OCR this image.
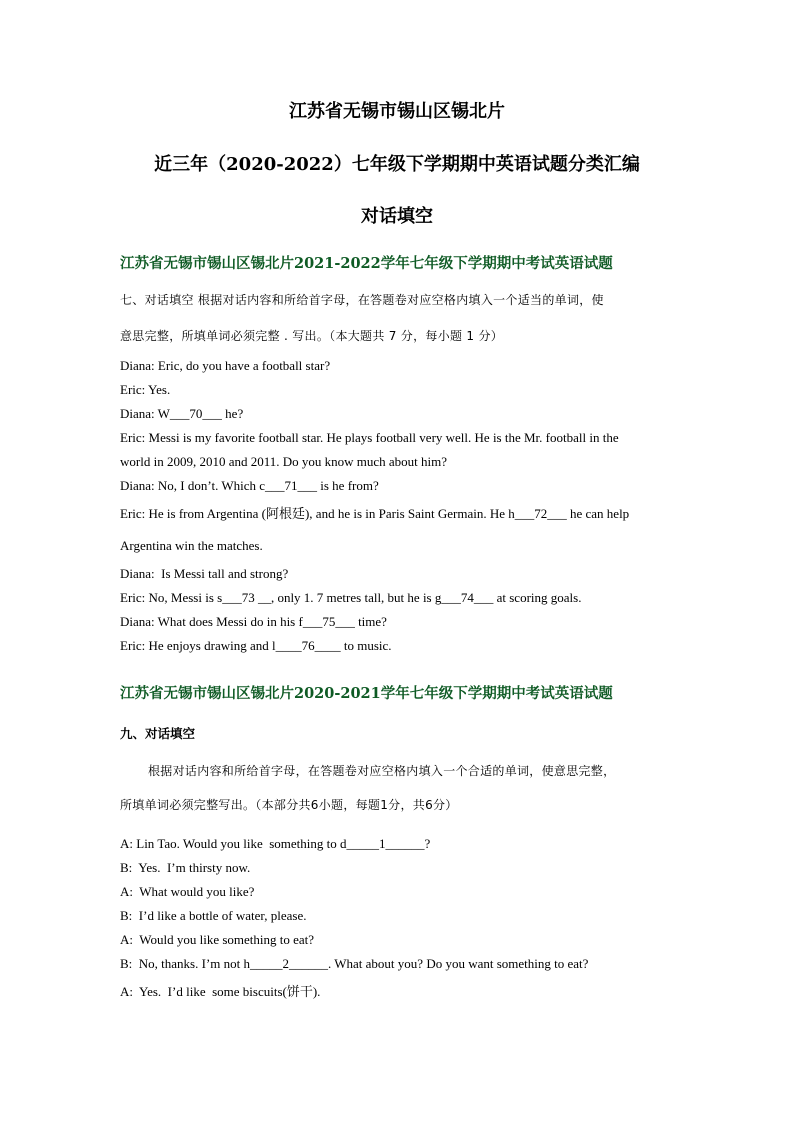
江苏省无锡市锡山区锡北片
近三年（2020-2022）七年级下学期期中英语试题分类汇编
对话填空
江苏省无锡市锡山区锡北片2021-2022学年七年级下学期期中考试英语试题

七、对话填空 根据对话内容和所给首字母，在答题卷对应空格内填入一个适当的单词，使

意思完整，所填单词必须完整 . 写出。（本大题共 7 分，每小题 1 分）

Diana: Eric, do you have a football star?

Eric: Yes.

Diana: W___70___ he?

Eric: Messi is my favorite football star. He plays football very well. He is the Mr. football in the

world in 2009, 2010 and 2011. Do you know much about him?

Diana: No, I don’t. Which c___71___ is he from?

Eric: He is from Argentina (阿根廷), and he is in Paris Saint Germain. He h___72___ he can help

Argentina win the matches.

Diana:  Is Messi tall and strong?

Eric: No, Messi is s___73 __, only 1. 7 metres tall, but he is g___74___ at scoring goals.

Diana: What does Messi do in his f___75___ time?

Eric: He enjoys drawing and l____76____ to music.

江苏省无锡市锡山区锡北片2020-2021学年七年级下学期期中考试英语试题

九、对话填空

根据对话内容和所给首字母，在答题卷对应空格内填入一个合适的单词，使意思完整，

所填单词必须完整写出。（本部分共6小题，每题1分，共6分）

A: Lin Tao. Would you like  something to d_____1______?

B:  Yes.  I’m thirsty now.

A:  What would you like?

B:  I’d like a bottle of water, please.

A:  Would you like something to eat?

B:  No, thanks. I’m not h_____2______. What about you? Do you want something to eat?

A:  Yes.  I’d like  some biscuits(饼干).
